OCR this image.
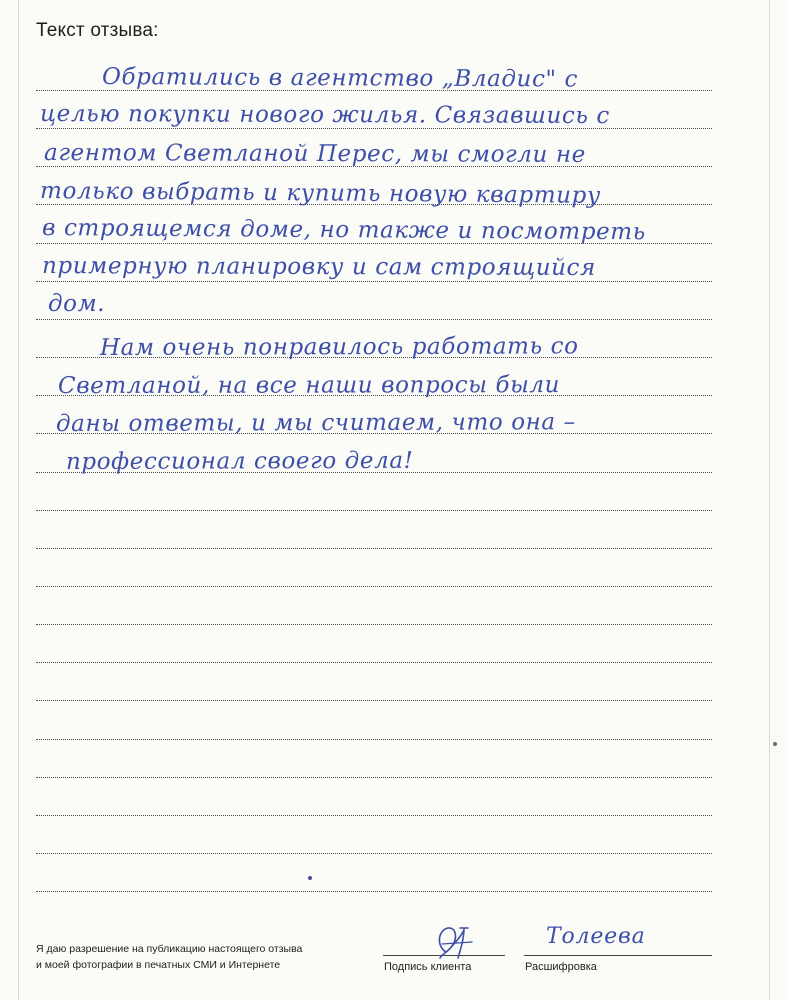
Текст отзыва:
Обратились в агентство „Владис" с
целью покупки нового жилья. Связавшись с
агентом Светланой Перес, мы смогли не
только выбрать и купить новую квартиру
в строящемся доме, но также и посмотреть
примерную планировку и сам строящийся
дом.
Нам очень понравилось работать со
Светланой, на все наши вопросы были
даны ответы, и мы считаем, что она –
профессионал своего дела!
Я даю разрешение на публикацию настоящего отзыва
и моей фотографии в печатных СМИ и Интернете	Подпись клиента
Толеева
Расшифровка
